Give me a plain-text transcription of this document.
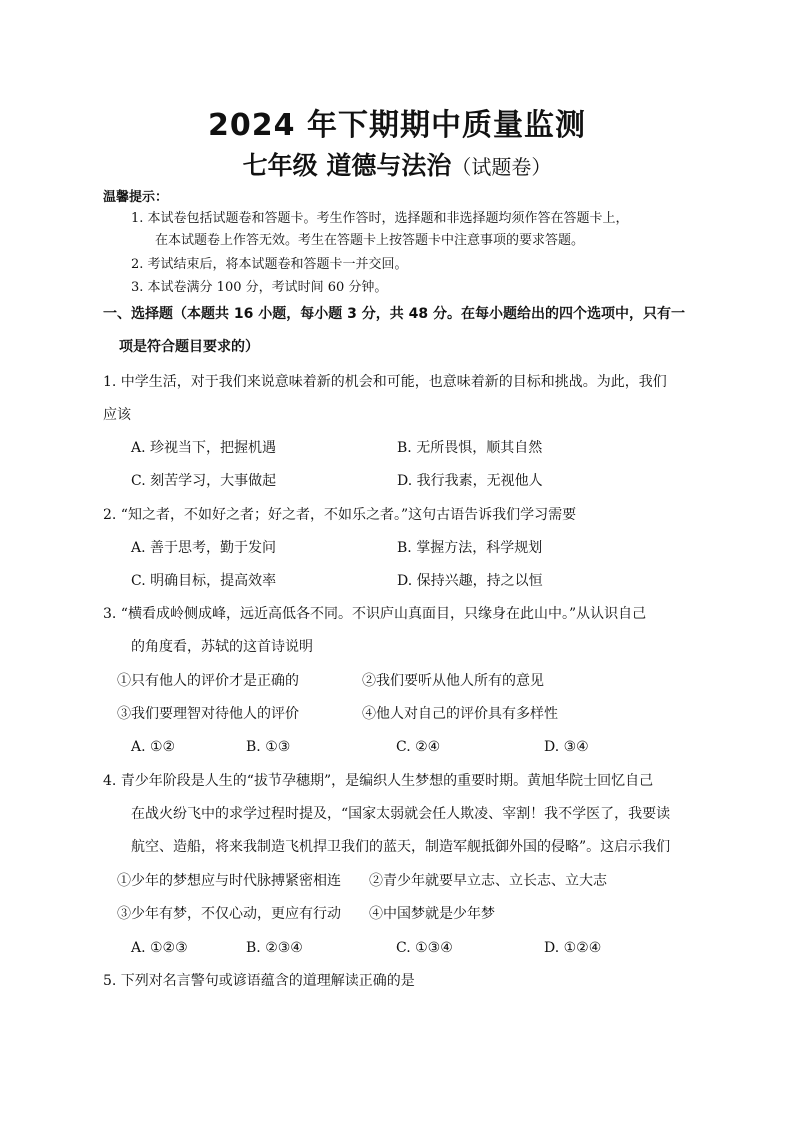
2024 年下期期中质量监测
七年级 道德与法治（试题卷）
温馨提示：
1. 本试卷包括试题卷和答题卡。考生作答时，选择题和非选择题均须作答在答题卡上，
在本试题卷上作答无效。考生在答题卡上按答题卡中注意事项的要求答题。
2. 考试结束后，将本试题卷和答题卡一并交回。
3. 本试卷满分 100 分，考试时间 60 分钟。
一、选择题（本题共 16 小题，每小题 3 分，共 48 分。在每小题给出的四个选项中，只有一
项是符合题目要求的）
1. 中学生活，对于我们来说意味着新的机会和可能，也意味着新的目标和挑战。为此，我们
应该
A. 珍视当下，把握机遇	B. 无所畏惧，顺其自然
C. 刻苦学习，大事做起	D. 我行我素，无视他人
2. “知之者，不如好之者；好之者，不如乐之者。”这句古语告诉我们学习需要
A. 善于思考，勤于发问	B. 掌握方法，科学规划
C. 明确目标，提高效率	D. 保持兴趣，持之以恒
3. “横看成岭侧成峰，远近高低各不同。不识庐山真面目，只缘身在此山中。”从认识自己
的角度看，苏轼的这首诗说明
①只有他人的评价才是正确的	②我们要听从他人所有的意见
③我们要理智对待他人的评价	④他人对自己的评价具有多样性
A. ①②	B. ①③	C. ②④	D. ③④
4. 青少年阶段是人生的“拔节孕穗期”，是编织人生梦想的重要时期。黄旭华院士回忆自己
在战火纷飞中的求学过程时提及，“国家太弱就会任人欺凌、宰割！我不学医了，我要读
航空、造船，将来我制造飞机捍卫我们的蓝天，制造军舰抵御外国的侵略”。这启示我们
①少年的梦想应与时代脉搏紧密相连 ②青少年就要早立志、立长志、立大志
③少年有梦，不仅心动，更应有行动 ④中国梦就是少年梦
A. ①②③	B. ②③④	C. ①③④	D. ①②④
5. 下列对名言警句或谚语蕴含的道理解读正确的是
